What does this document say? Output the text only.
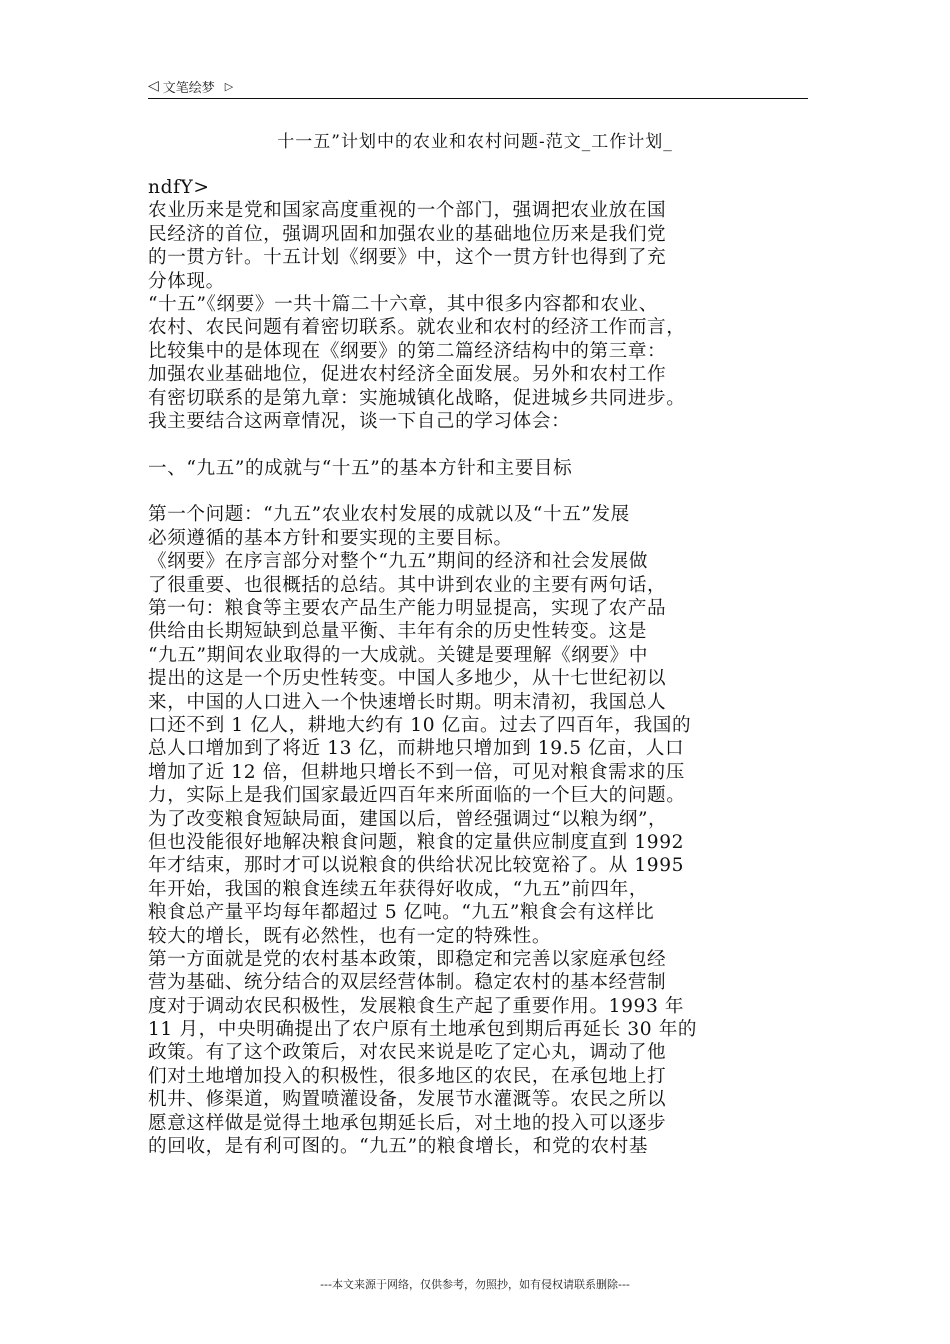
◁ 文笔绘梦 ▷
十一五”计划中的农业和农村问题-范文_工作计划_
ndfY>
农业历来是党和国家高度重视的一个部门，强调把农业放在国
民经济的首位，强调巩固和加强农业的基础地位历来是我们党
的一贯方针。十五计划《纲要》中，这个一贯方针也得到了充
分体现。
“十五”《纲要》一共十篇二十六章，其中很多内容都和农业、
农村、农民问题有着密切联系。就农业和农村的经济工作而言，
比较集中的是体现在《纲要》的第二篇经济结构中的第三章：
加强农业基础地位，促进农村经济全面发展。另外和农村工作
有密切联系的是第九章：实施城镇化战略，促进城乡共同进步。
我主要结合这两章情况，谈一下自己的学习体会：
一、“九五”的成就与“十五”的基本方针和主要目标
第一个问题：“九五”农业农村发展的成就以及“十五”发展
必须遵循的基本方针和要实现的主要目标。
《纲要》在序言部分对整个“九五”期间的经济和社会发展做
了很重要、也很概括的总结。其中讲到农业的主要有两句话，
第一句：粮食等主要农产品生产能力明显提高，实现了农产品
供给由长期短缺到总量平衡、丰年有余的历史性转变。这是
“九五”期间农业取得的一大成就。关键是要理解《纲要》中
提出的这是一个历史性转变。中国人多地少，从十七世纪初以
来，中国的人口进入一个快速增长时期。明末清初，我国总人
口还不到 1 亿人，耕地大约有 10 亿亩。过去了四百年，我国的
总人口增加到了将近 13 亿，而耕地只增加到 19.5 亿亩，人口
增加了近 12 倍，但耕地只增长不到一倍，可见对粮食需求的压
力，实际上是我们国家最近四百年来所面临的一个巨大的问题。
为了改变粮食短缺局面，建国以后，曾经强调过“以粮为纲”，
但也没能很好地解决粮食问题，粮食的定量供应制度直到 1992
年才结束，那时才可以说粮食的供给状况比较宽裕了。从 1995
年开始，我国的粮食连续五年获得好收成，“九五”前四年，
粮食总产量平均每年都超过 5 亿吨。“九五”粮食会有这样比
较大的增长，既有必然性，也有一定的特殊性。
第一方面就是党的农村基本政策，即稳定和完善以家庭承包经
营为基础、统分结合的双层经营体制。稳定农村的基本经营制
度对于调动农民积极性，发展粮食生产起了重要作用。1993 年
11 月，中央明确提出了农户原有土地承包到期后再延长 30 年的
政策。有了这个政策后，对农民来说是吃了定心丸，调动了他
们对土地增加投入的积极性，很多地区的农民，在承包地上打
机井、修渠道，购置喷灌设备，发展节水灌溉等。农民之所以
愿意这样做是觉得土地承包期延长后，对土地的投入可以逐步
的回收，是有利可图的。“九五”的粮食增长，和党的农村基
---本文来源于网络，仅供参考，勿照抄，如有侵权请联系删除---
